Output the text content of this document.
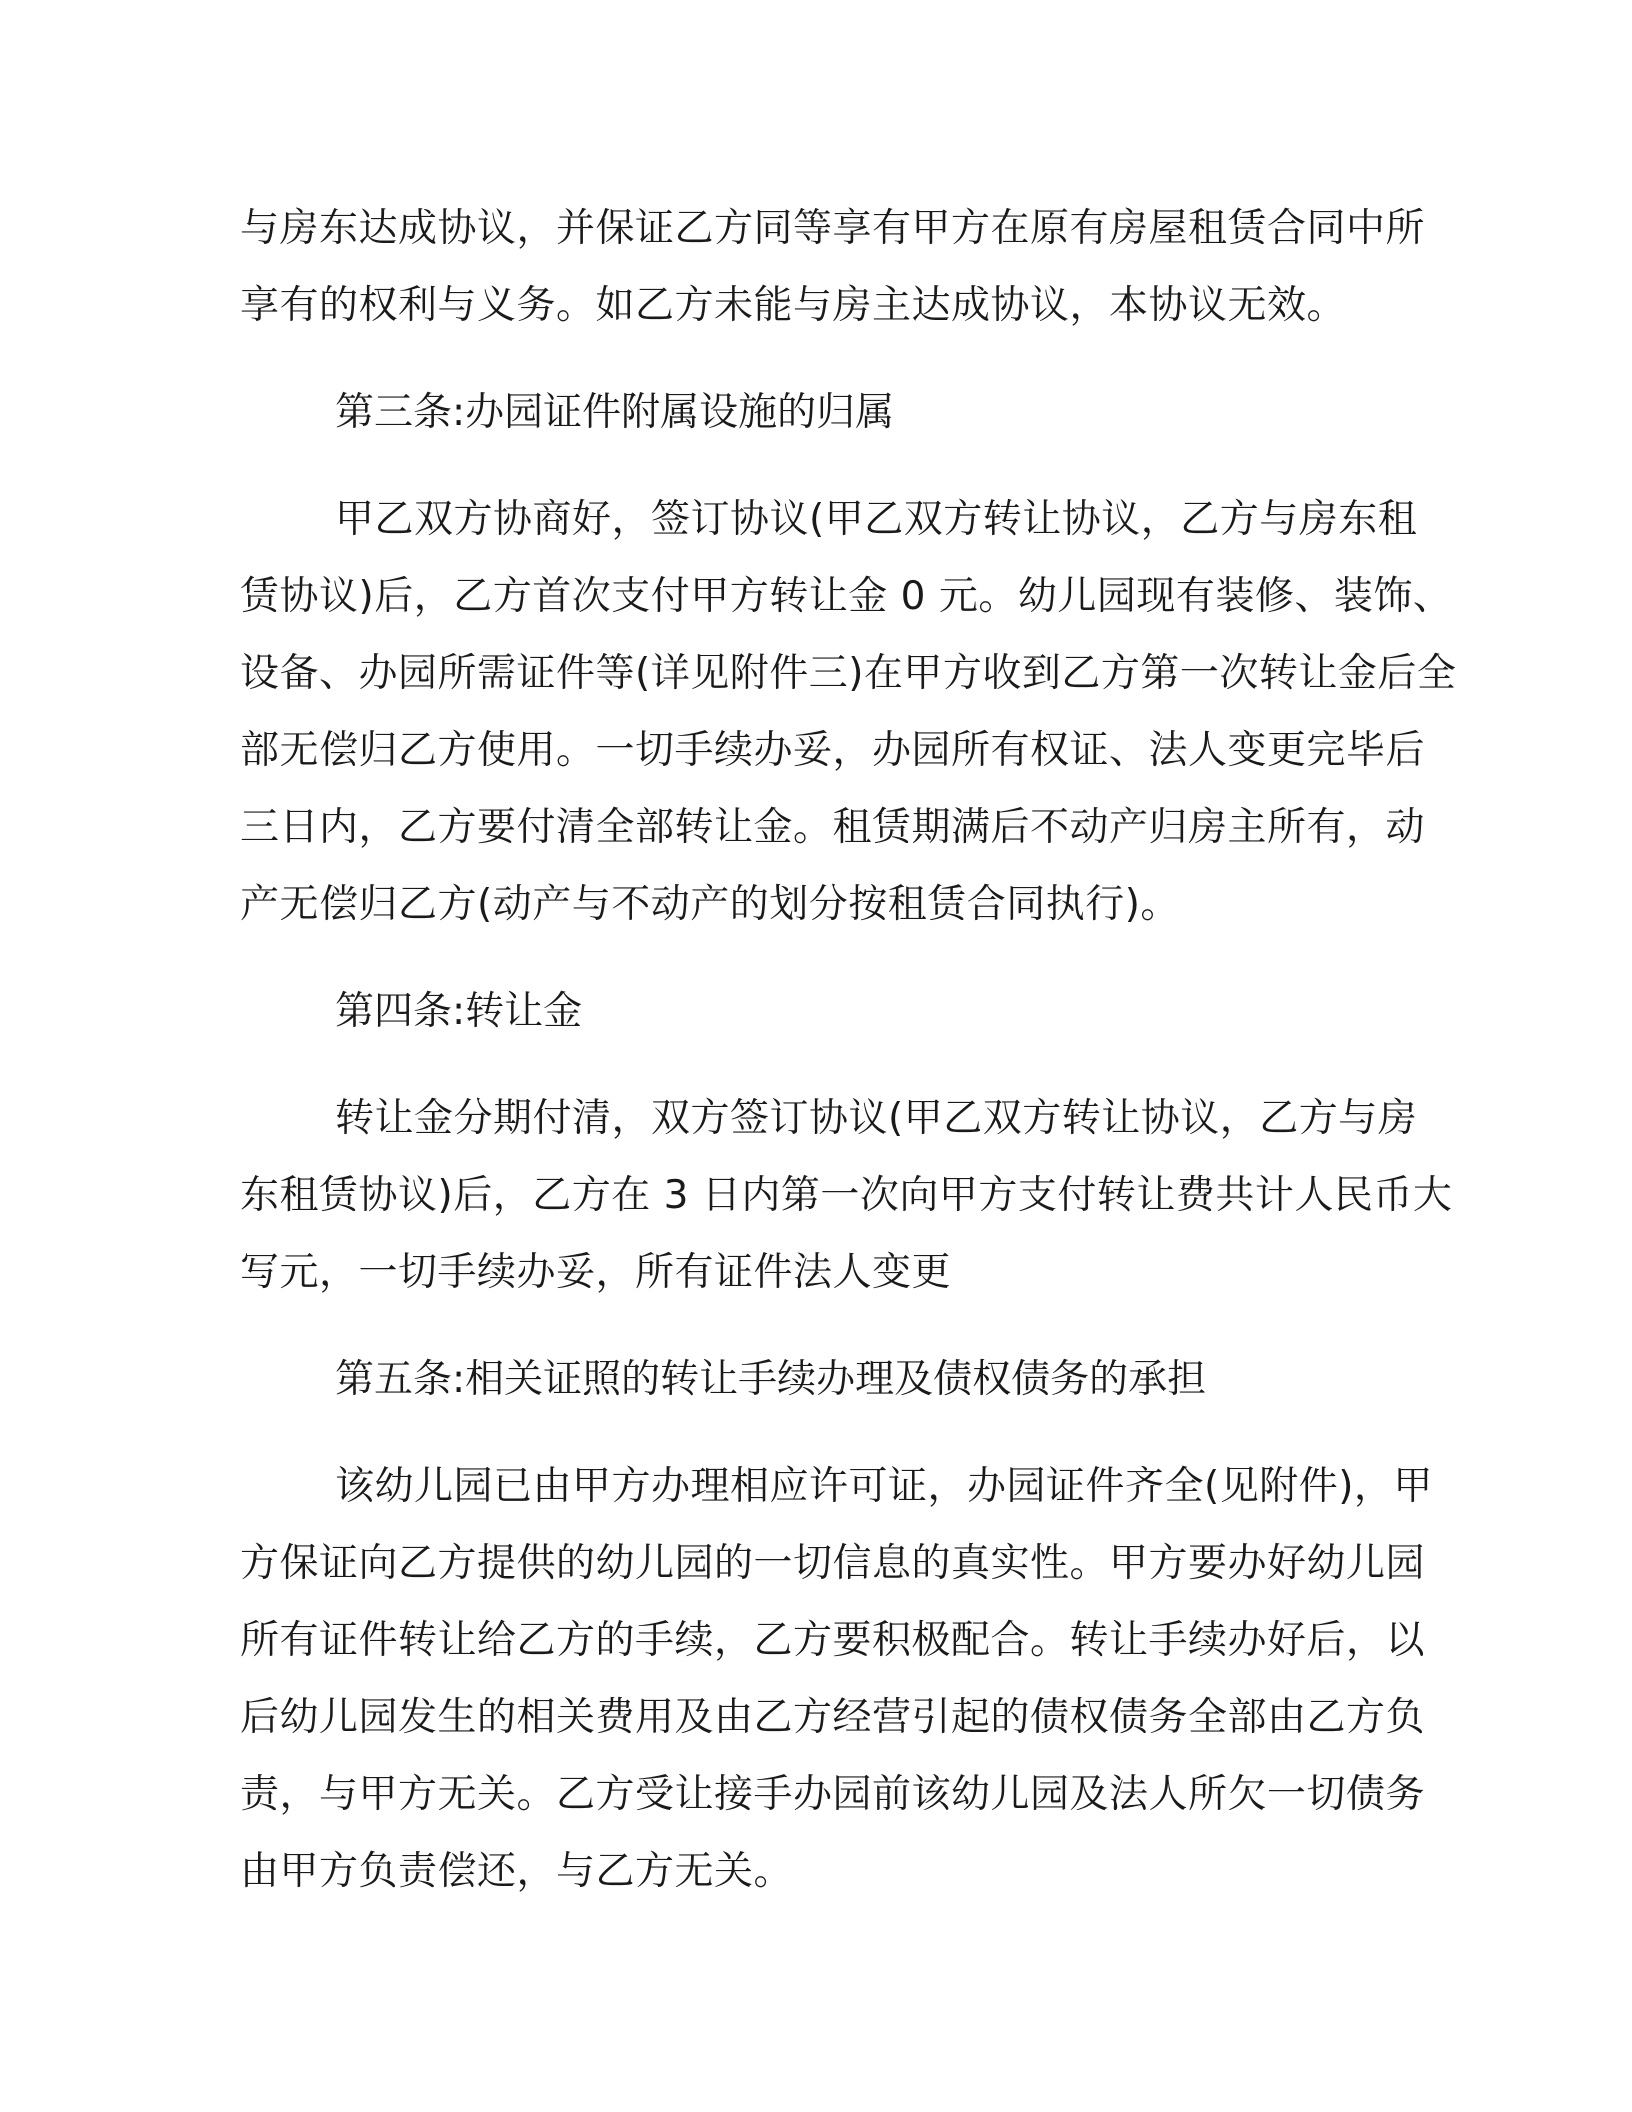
与房东达成协议，并保证乙方同等享有甲方在原有房屋租赁合同中所
享有的权利与义务。如乙方未能与房主达成协议，本协议无效。

第三条:办园证件附属设施的归属

甲乙双方协商好，签订协议(甲乙双方转让协议，乙方与房东租
赁协议)后，乙方首次支付甲方转让金 0 元。幼儿园现有装修、装饰、
设备、办园所需证件等(详见附件三)在甲方收到乙方第一次转让金后全
部无偿归乙方使用。一切手续办妥，办园所有权证、法人变更完毕后
三日内，乙方要付清全部转让金。租赁期满后不动产归房主所有，动
产无偿归乙方(动产与不动产的划分按租赁合同执行)。

第四条:转让金

转让金分期付清，双方签订协议(甲乙双方转让协议，乙方与房
东租赁协议)后，乙方在 3 日内第一次向甲方支付转让费共计人民币大
写元，一切手续办妥，所有证件法人变更

第五条:相关证照的转让手续办理及债权债务的承担

该幼儿园已由甲方办理相应许可证，办园证件齐全(见附件)，甲
方保证向乙方提供的幼儿园的一切信息的真实性。甲方要办好幼儿园
所有证件转让给乙方的手续，乙方要积极配合。转让手续办好后，以
后幼儿园发生的相关费用及由乙方经营引起的债权债务全部由乙方负
责，与甲方无关。乙方受让接手办园前该幼儿园及法人所欠一切债务
由甲方负责偿还，与乙方无关。
